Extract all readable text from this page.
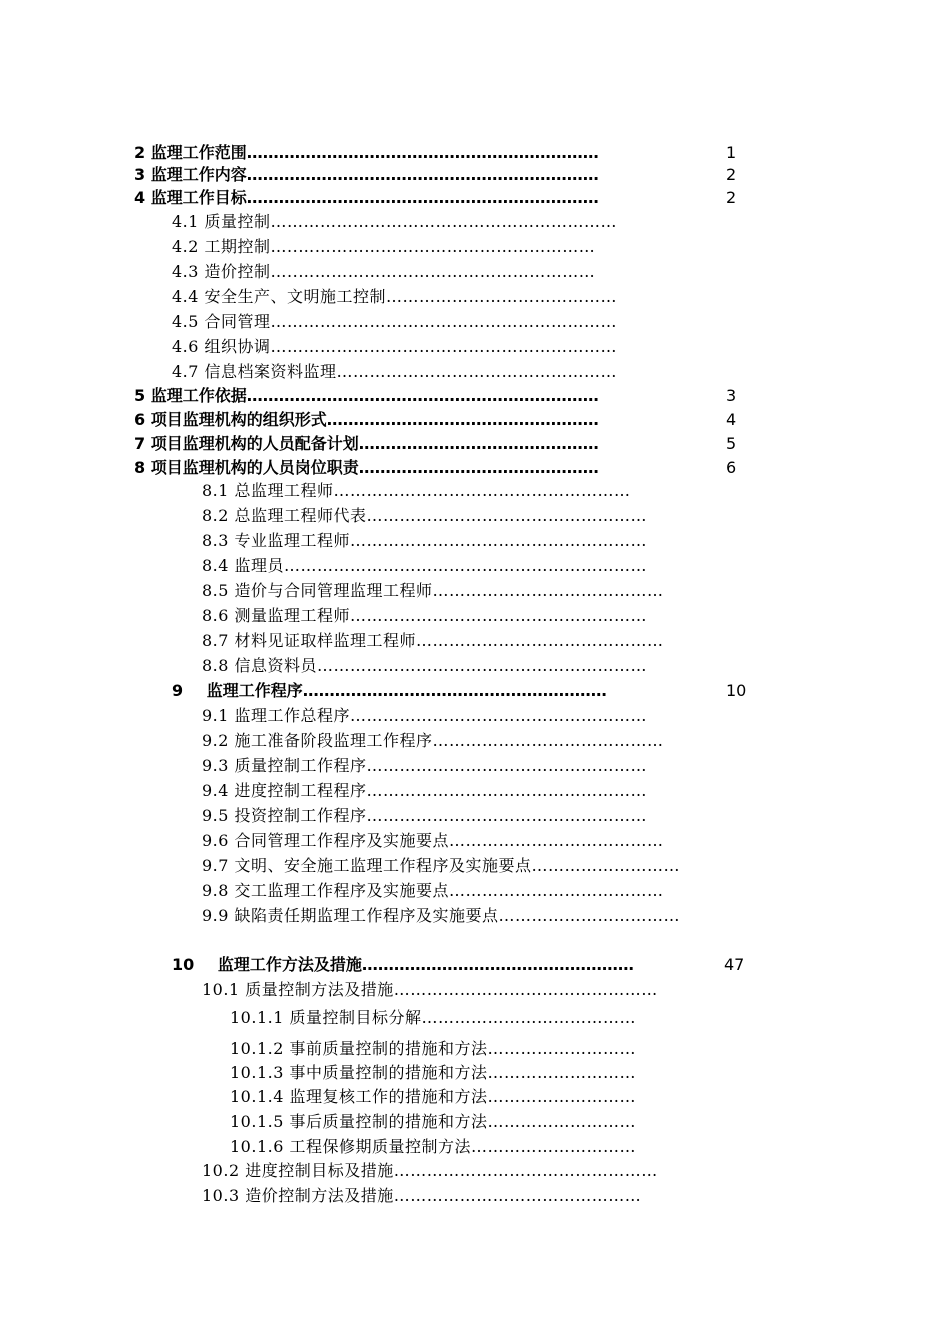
2 监理工作范围…………………………………………………………	1
3 监理工作内容…………………………………………………………	2
4 监理工作目标…………………………………………………………	2
4.1 质量控制………………………………………………………
4.2 工期控制…..………………………………………………
4.3 造价控制…..………………………………………………
4.4 安全生产、文明施工控制……………………………………
4.5 合同管理………………………………………………………
4.6 组织协调………………………………………………………
4.7 信息档案资料监理……………………………………………
5 监理工作依据…………………………………………………………	3
6 项目监理机构的组织形式……………………………………………	4
7 项目监理机构的人员配备计划………………………………………	5
8 项目监理机构的人员岗位职责………………………………………	6
8.1 总监理工程师………………………………………………
8.2 总监理工程师代表……………………………………………
8.3 专业监理工程师………………………………………………
8.4 监理员…………………………………………………………
8.5 造价与合同管理监理工程师……………………………………
8.6 测量监理工程师………………………………………………
8.7 材料见证取样监理工程师………………………………………
8.8 信息资料员……………………………………………………
9 监理工作程序…………………………………………………	10
9.1 监理工作总程序………………………………………………
9.2 施工准备阶段监理工作程序……………………………………
9.3 质量控制工作程序……………………………………………
9.4 进度控制工程程序……………………………………………
9.5 投资控制工作程序……………………………………………
9.6 合同管理工作程序及实施要点…………………………………
9.7 文明、安全施工监理工作程序及实施要点………………………
9.8 交工监理工作程序及实施要点…………………………………
9.9 缺陷责任期监理工作程序及实施要点……………………………
10 监理工作方法及措施……………………………………………	47
10.1 质量控制方法及措施…………………………………………
10.1.1 质量控制目标分解…………………………………
10.1.2 事前质量控制的措施和方法………………………
10.1.3 事中质量控制的措施和方法………………………
10.1.4 监理复核工作的措施和方法………………………
10.1.5 事后质量控制的措施和方法………………………
10.1.6 工程保修期质量控制方法…………………………
10.2 进度控制目标及措施…………………………………………
10.3 造价控制方法及措施………………………………………
